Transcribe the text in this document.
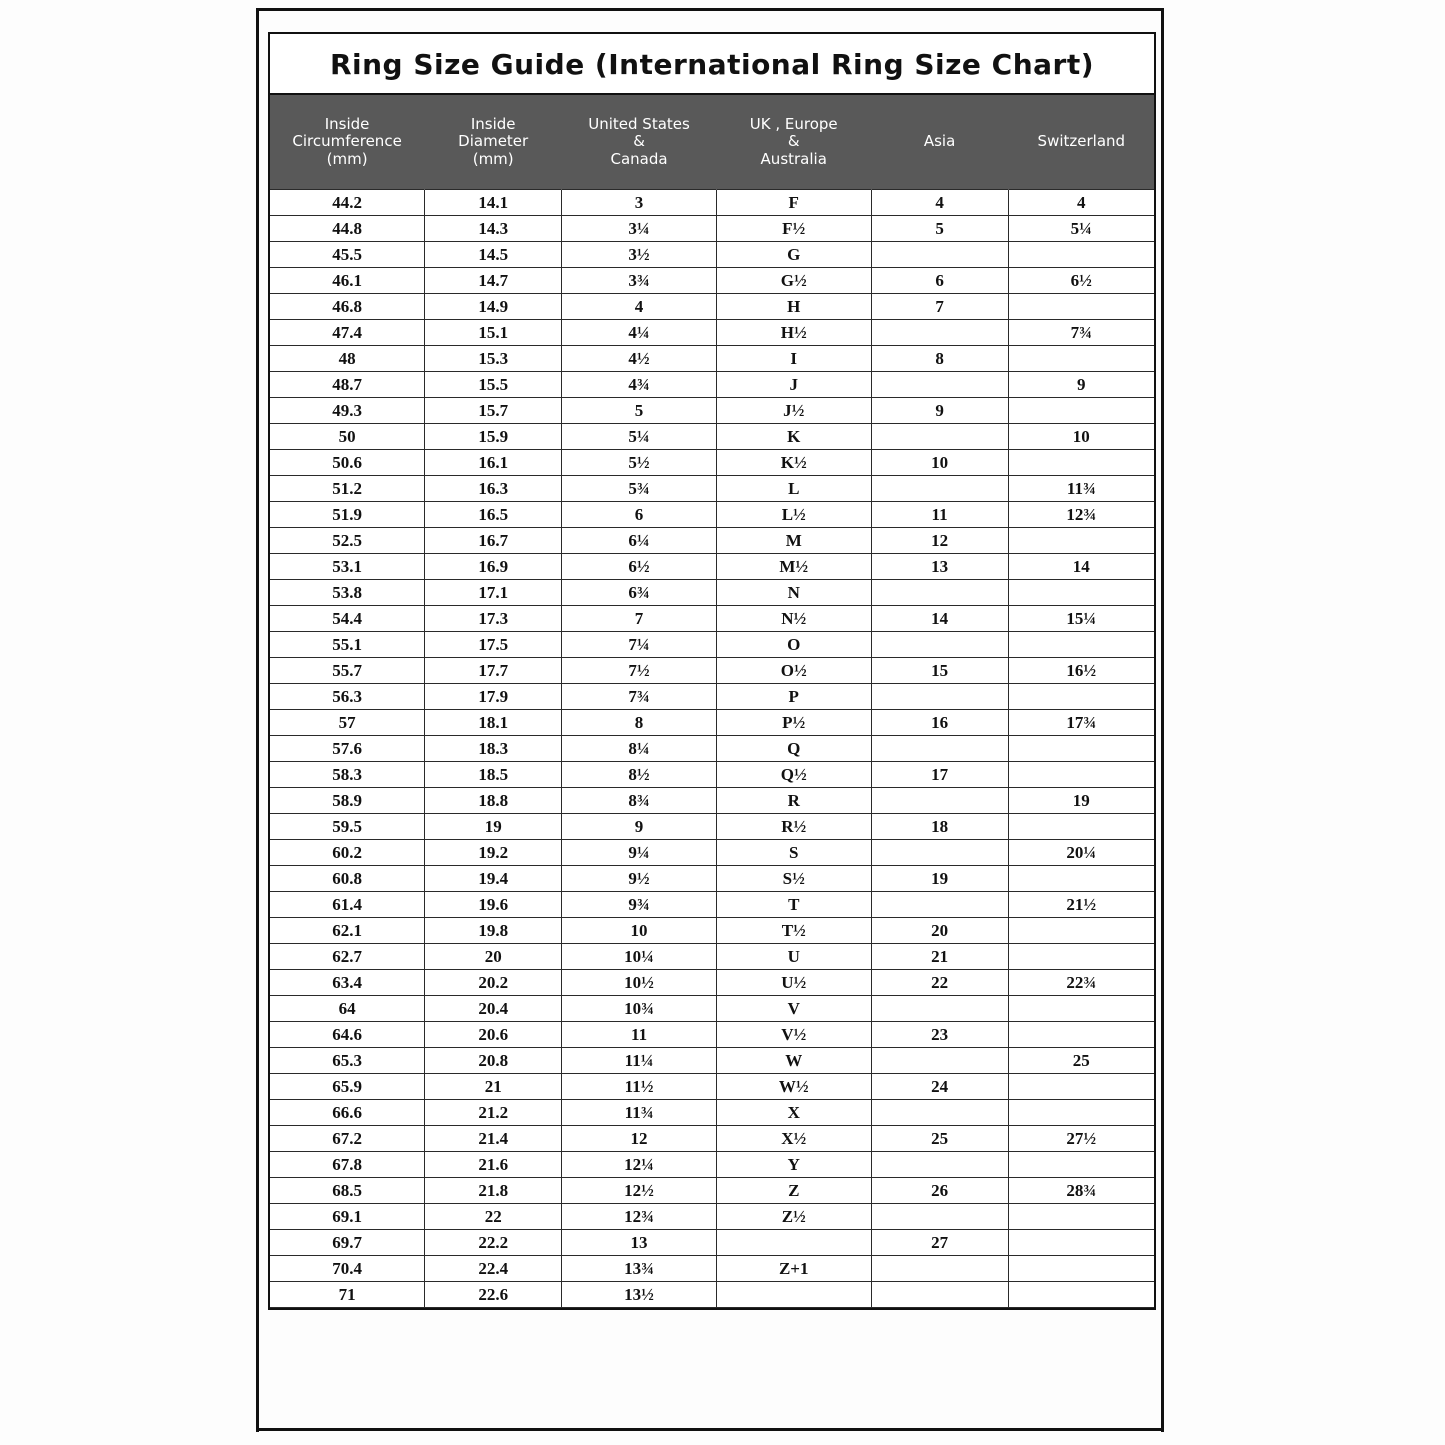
Ring Size Guide (International Ring Size Chart)
Inside
Circumference
(mm)	Inside
Diameter
(mm)	United States
&
Canada	UK , Europe
&
Australia	Asia	Switzerland

44.2	14.1	3	F	4	4
44.8	14.3	3¼	F½	5	5¼
45.5	14.5	3½	G		
46.1	14.7	3¾	G½	6	6½
46.8	14.9	4	H	7	
47.4	15.1	4¼	H½		7¾
48	15.3	4½	I	8	
48.7	15.5	4¾	J		9
49.3	15.7	5	J½	9	
50	15.9	5¼	K		10
50.6	16.1	5½	K½	10	
51.2	16.3	5¾	L		11¾
51.9	16.5	6	L½	11	12¾
52.5	16.7	6¼	M	12	
53.1	16.9	6½	M½	13	14
53.8	17.1	6¾	N		
54.4	17.3	7	N½	14	15¼
55.1	17.5	7¼	O		
55.7	17.7	7½	O½	15	16½
56.3	17.9	7¾	P		
57	18.1	8	P½	16	17¾
57.6	18.3	8¼	Q		
58.3	18.5	8½	Q½	17	
58.9	18.8	8¾	R		19
59.5	19	9	R½	18	
60.2	19.2	9¼	S		20¼
60.8	19.4	9½	S½	19	
61.4	19.6	9¾	T		21½
62.1	19.8	10	T½	20	
62.7	20	10¼	U	21	
63.4	20.2	10½	U½	22	22¾
64	20.4	10¾	V		
64.6	20.6	11	V½	23	
65.3	20.8	11¼	W		25
65.9	21	11½	W½	24	
66.6	21.2	11¾	X		
67.2	21.4	12	X½	25	27½
67.8	21.6	12¼	Y		
68.5	21.8	12½	Z	26	28¾
69.1	22	12¾	Z½		
69.7	22.2	13		27	
70.4	22.4	13¾	Z+1		
71	22.6	13½			
